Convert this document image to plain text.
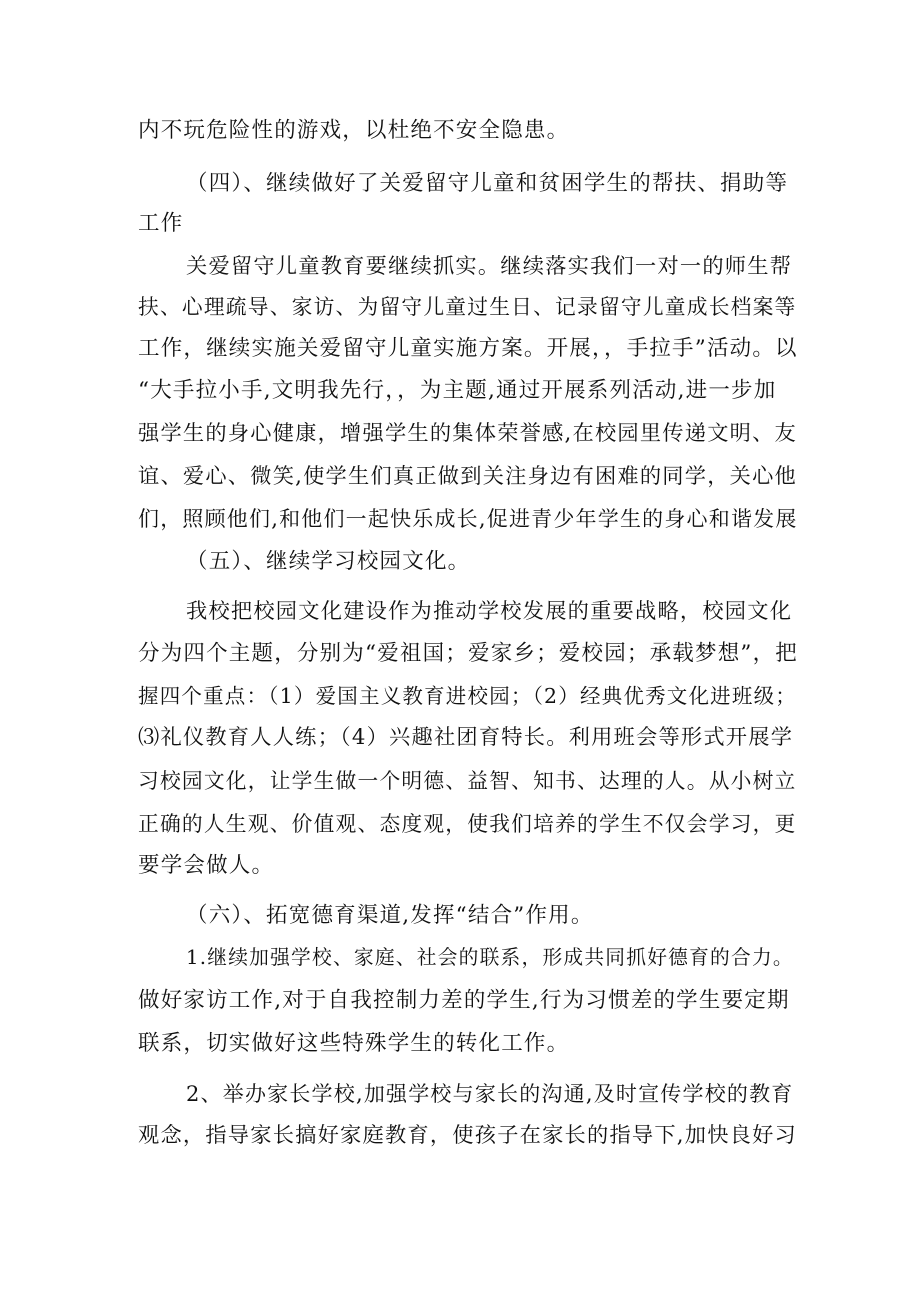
内不玩危险性的游戏，以杜绝不安全隐患。
（四）、继续做好了关爱留守儿童和贫困学生的帮扶、捐助等
工作
关爱留守儿童教育要继续抓实。继续落实我们一对一的师生帮
扶、心理疏导、家访、为留守儿童过生日、记录留守儿童成长档案等
工作，继续实施关爱留守儿童实施方案。开展，，手拉手”活动。以
“大手拉小手,文明我先行，，为主题,通过开展系列活动,进一步加
强学生的身心健康，增强学生的集体荣誉感,在校园里传递文明、友
谊、爱心、微笑,使学生们真正做到关注身边有困难的同学，关心他
们，照顾他们,和他们一起快乐成长,促进青少年学生的身心和谐发展
（五）、继续学习校园文化。
我校把校园文化建设作为推动学校发展的重要战略，校园文化
分为四个主题，分别为“爱祖国；爱家乡；爱校园；承载梦想”，把
握四个重点：（1）爱国主义教育进校园；（2）经典优秀文化进班级；
⑶礼仪教育人人练；（4）兴趣社团育特长。利用班会等形式开展学
习校园文化，让学生做一个明德、益智、知书、达理的人。从小树立
正确的人生观、价值观、态度观，使我们培养的学生不仅会学习，更
要学会做人。
（六）、拓宽德育渠道,发挥“结合”作用。
1.继续加强学校、家庭、社会的联系，形成共同抓好德育的合力。
做好家访工作,对于自我控制力差的学生,行为习惯差的学生要定期
联系，切实做好这些特殊学生的转化工作。
2、举办家长学校,加强学校与家长的沟通,及时宣传学校的教育
观念，指导家长搞好家庭教育，使孩子在家长的指导下,加快良好习
